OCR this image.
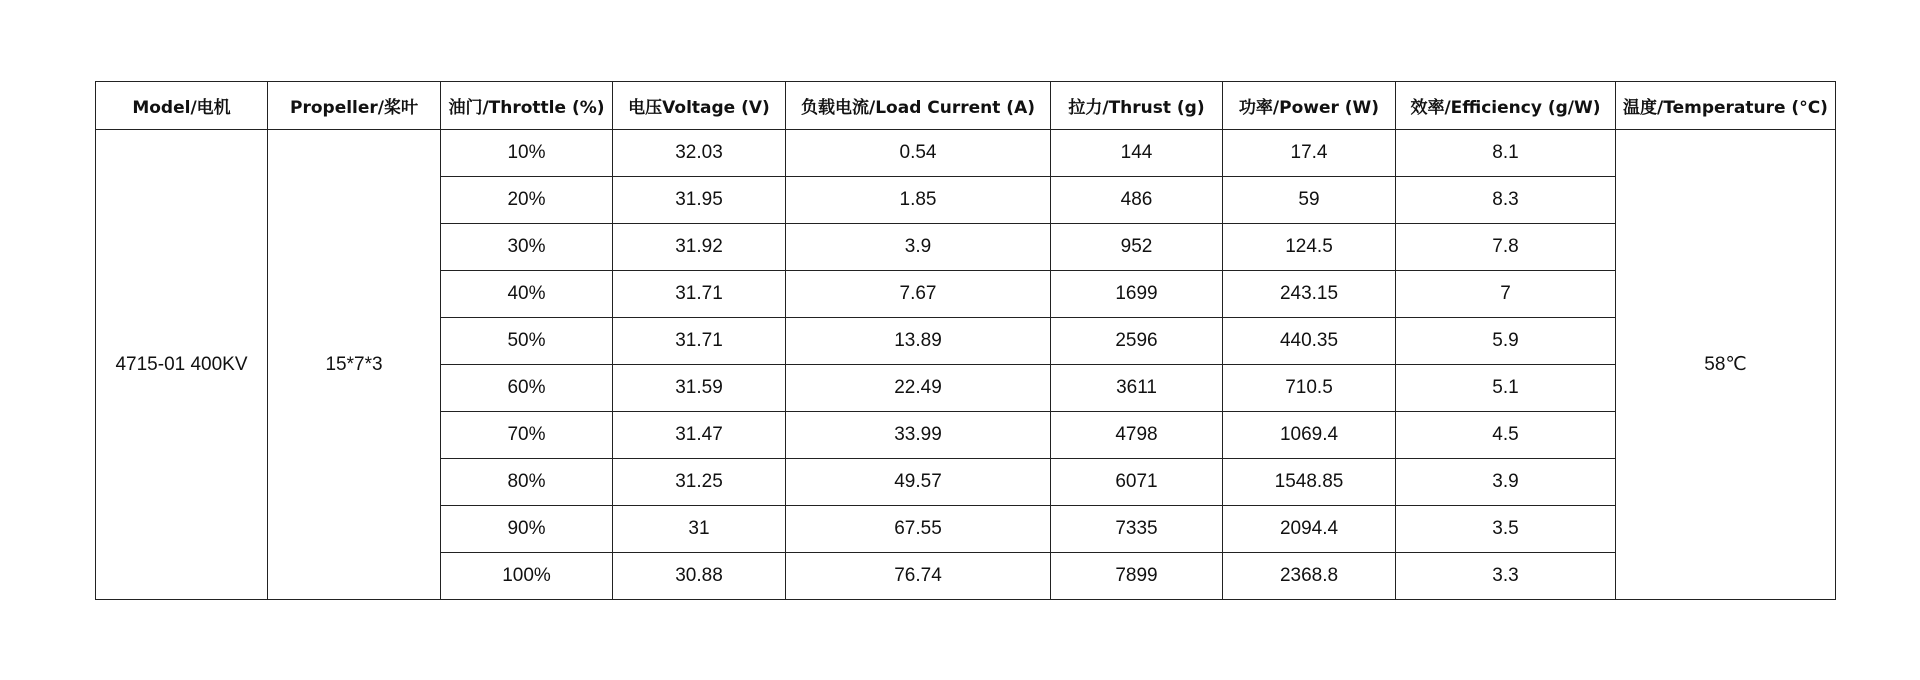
Model/电机	Propeller/桨叶	油门/Throttle (%)	电压Voltage (V)	负载电流/Load Current (A)	拉力/Thrust (g)	功率/Power (W)	效率/Efficiency (g/W)	温度/Temperature (°C)
4715-01 400KV	15*7*3	10%	32.03	0.54	144	17.4	8.1	58℃
		20%	31.95	1.85	486	59	8.3	
		30%	31.92	3.9	952	124.5	7.8	
		40%	31.71	7.67	1699	243.15	7	
		50%	31.71	13.89	2596	440.35	5.9	
		60%	31.59	22.49	3611	710.5	5.1	
		70%	31.47	33.99	4798	1069.4	4.5	
		80%	31.25	49.57	6071	1548.85	3.9	
		90%	31	67.55	7335	2094.4	3.5	
		100%	30.88	76.74	7899	2368.8	3.3	
